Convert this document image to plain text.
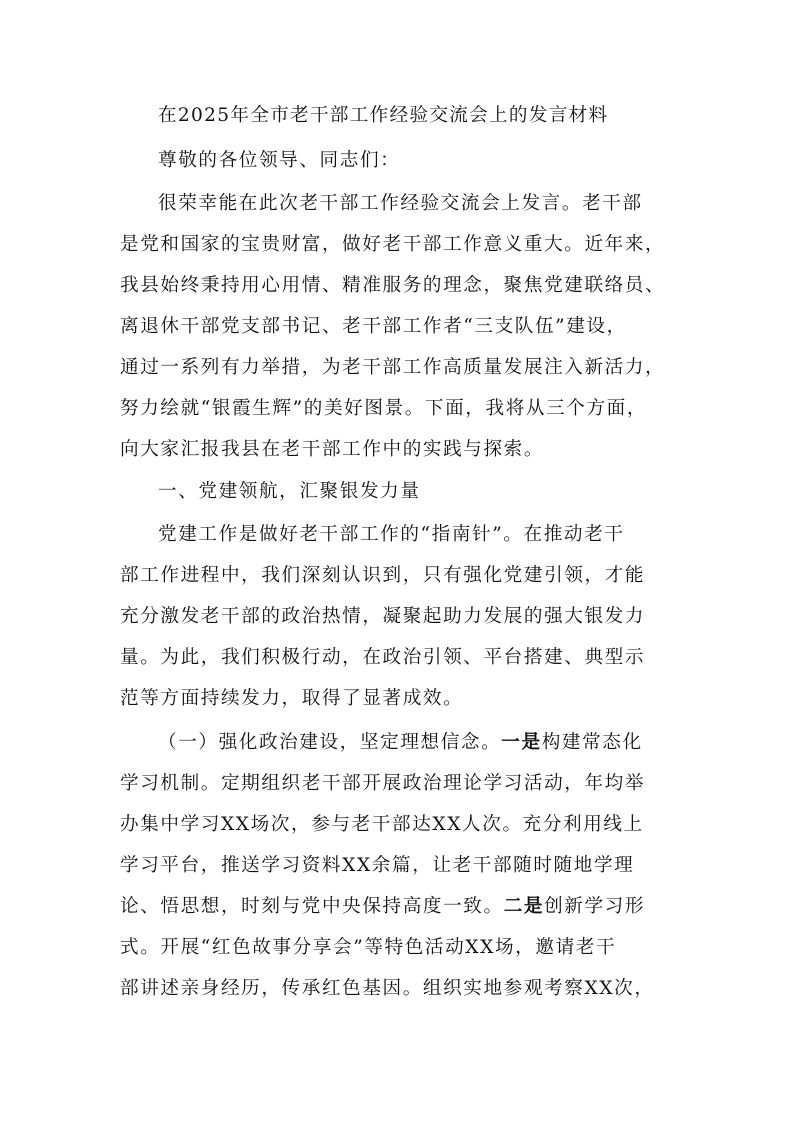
在2025年全市老干部工作经验交流会上的发言材料
尊敬的各位领导、同志们：
很荣幸能在此次老干部工作经验交流会上发言。老干部
是党和国家的宝贵财富，做好老干部工作意义重大。近年来，
我县始终秉持用心用情、精准服务的理念，聚焦党建联络员、
离退休干部党支部书记、老干部工作者“三支队伍”建设，
通过一系列有力举措，为老干部工作高质量发展注入新活力，
努力绘就“银霞生辉”的美好图景。下面，我将从三个方面，
向大家汇报我县在老干部工作中的实践与探索。
一、党建领航，汇聚银发力量
党建工作是做好老干部工作的“指南针”。在推动老干
部工作进程中，我们深刻认识到，只有强化党建引领，才能
充分激发老干部的政治热情，凝聚起助力发展的强大银发力
量。为此，我们积极行动，在政治引领、平台搭建、典型示
范等方面持续发力，取得了显著成效。
（一）强化政治建设，坚定理想信念。一是构建常态化
学习机制。定期组织老干部开展政治理论学习活动，年均举
办集中学习XX场次，参与老干部达XX人次。充分利用线上
学习平台，推送学习资料XX余篇，让老干部随时随地学理
论、悟思想，时刻与党中央保持高度一致。二是创新学习形
式。开展“红色故事分享会”等特色活动XX场，邀请老干
部讲述亲身经历，传承红色基因。组织实地参观考察XX次，
